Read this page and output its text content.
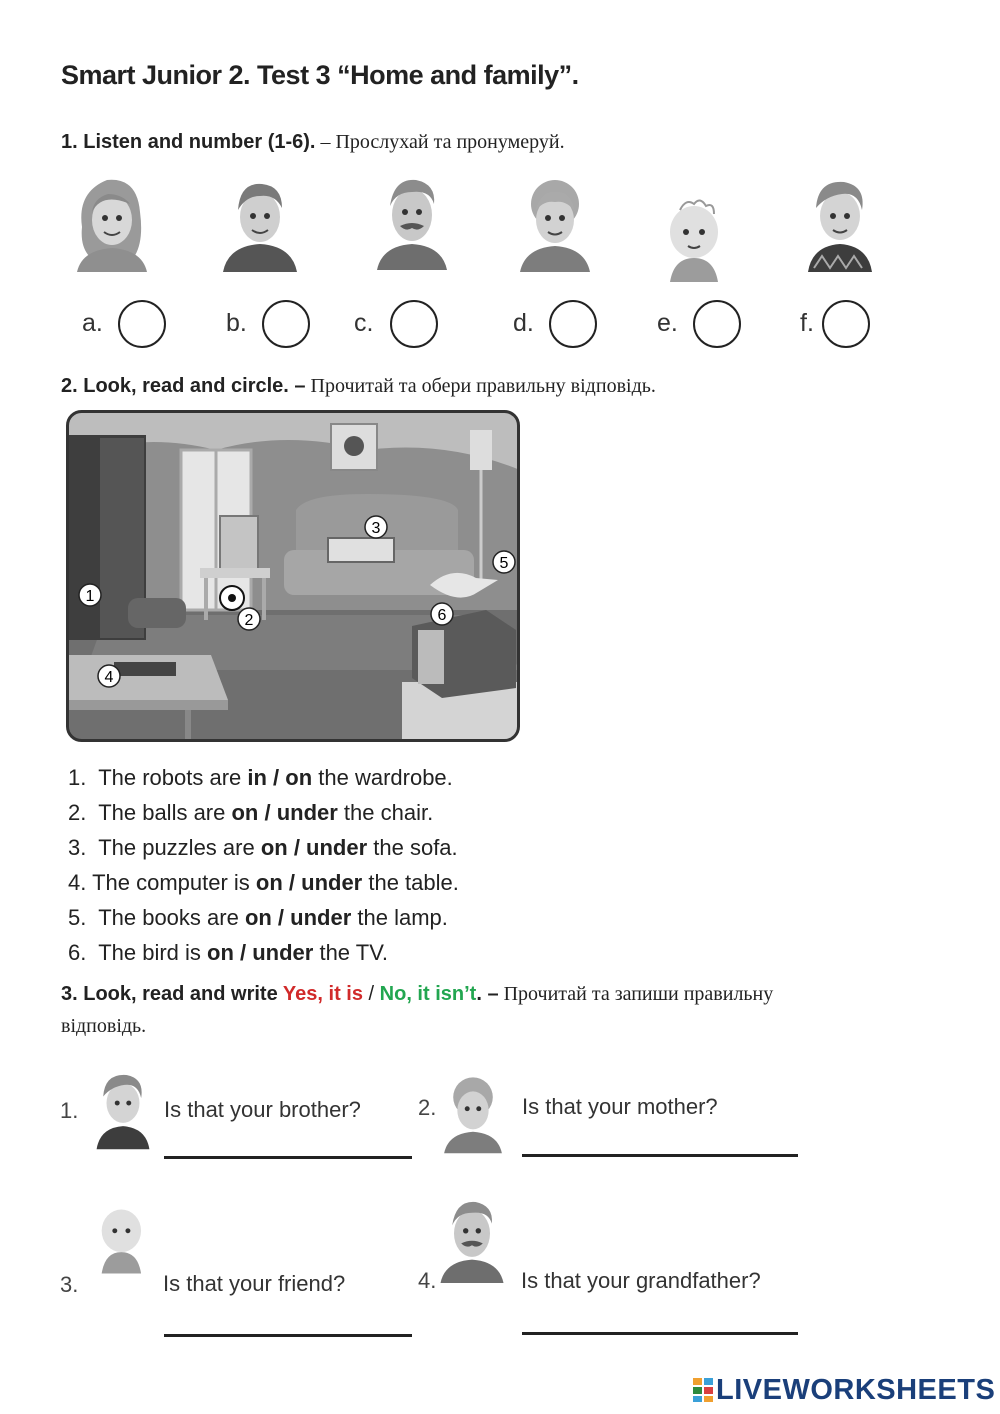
Smart Junior 2. Test 3 “Home and family”.
1. Listen and number (1-6). – Прослухай та пронумеруй.
a.	b.	c.	d.	e.	f.
2. Look, read and circle. – Прочитай та обери правильну відповідь.
1
2
3
4
5
6
1. The robots are in / on the wardrobe.
2. The balls are on / under the chair.
3. The puzzles are on / under the sofa.
4. The computer is on / under the table.
5. The books are on / under the lamp.
6. The bird is on / under the TV.
3. Look, read and write Yes, it is / No, it isn’t. – Прочитай та запиши правильну
відповідь.
1.	Is that your brother?	2.	Is that your mother?
3.	Is that your friend?	4.	Is that your grandfather?
LIVEWORKSHEETS
